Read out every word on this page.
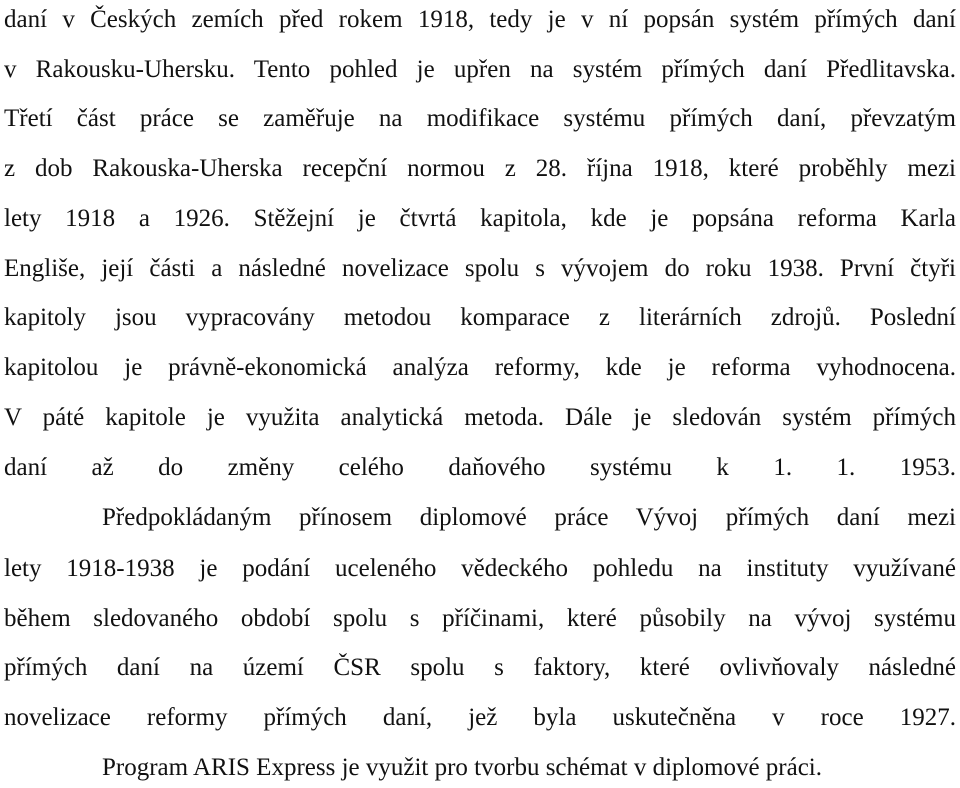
daní v Českých zemích před rokem 1918, tedy je v ní popsán systém přímých daní
v Rakousku-Uhersku. Tento pohled je upřen na systém přímých daní Předlitavska.
Třetí část práce se zaměřuje na modifikace systému přímých daní, převzatým
z dob Rakouska-Uherska recepční normou z 28. října 1918, které proběhly mezi
lety 1918 a 1926. Stěžejní je čtvrtá kapitola, kde je popsána reforma Karla
Engliše, její části a následné novelizace spolu s vývojem do roku 1938. První čtyři
kapitoly jsou vypracovány metodou komparace z literárních zdrojů. Poslední
kapitolou je právně-ekonomická analýza reformy, kde je reforma vyhodnocena.
V páté kapitole je využita analytická metoda. Dále je sledován systém přímých
daní až do změny celého daňového systému k 1. 1. 1953.
Předpokládaným přínosem diplomové práce Vývoj přímých daní mezi
lety 1918-1938 je podání uceleného vědeckého pohledu na instituty využívané
během sledovaného období spolu s příčinami, které působily na vývoj systému
přímých daní na území ČSR spolu s faktory, které ovlivňovaly následné
novelizace reformy přímých daní, jež byla uskutečněna v roce 1927.
Program ARIS Express je využit pro tvorbu schémat v diplomové práci.
